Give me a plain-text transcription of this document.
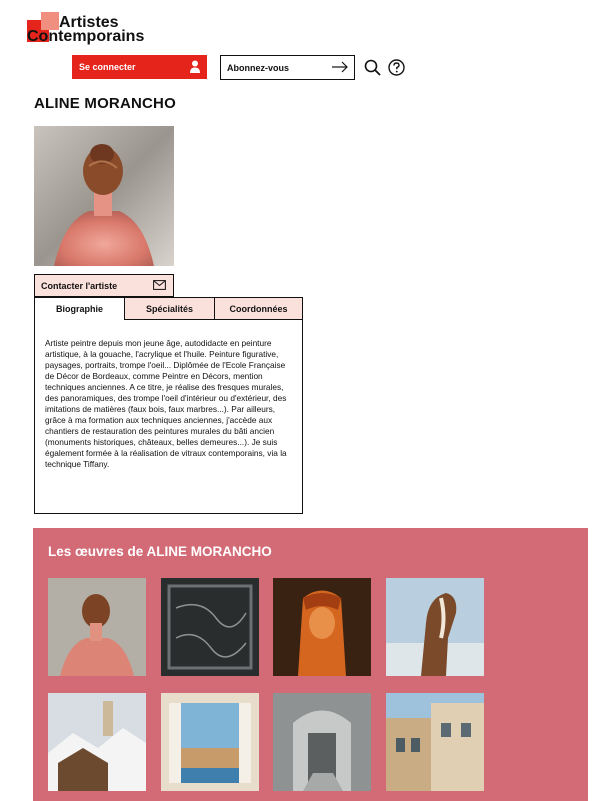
Artistes
Contemporains
Se connecter	Abonnez-vous
ALINE MORANCHO
Contacter l'artiste
Biographie	Spécialités	Coordonnées

Artiste peintre depuis mon jeune âge, autodidacte en peinture artistique, à la gouache, l'acrylique et l'huile. Peinture figurative, paysages, portraits, trompe l'oeil... Diplômée de l'Ecole Française de Décor de Bordeaux, comme Peintre en Décors, mention techniques anciennes. A ce titre, je réalise des fresques murales, des panoramiques, des trompe l'oeil d'intérieur ou d'extérieur, des imitations de matières (faux bois, faux marbres...). Par ailleurs, grâce à ma formation aux techniques anciennes, j'accède aux chantiers de restauration des peintures murales du bâti ancien (monuments historiques, châteaux, belles demeures...). Je suis également formée à la réalisation de vitraux contemporains, via la technique Tiffany.

Les œuvres de ALINE MORANCHO
